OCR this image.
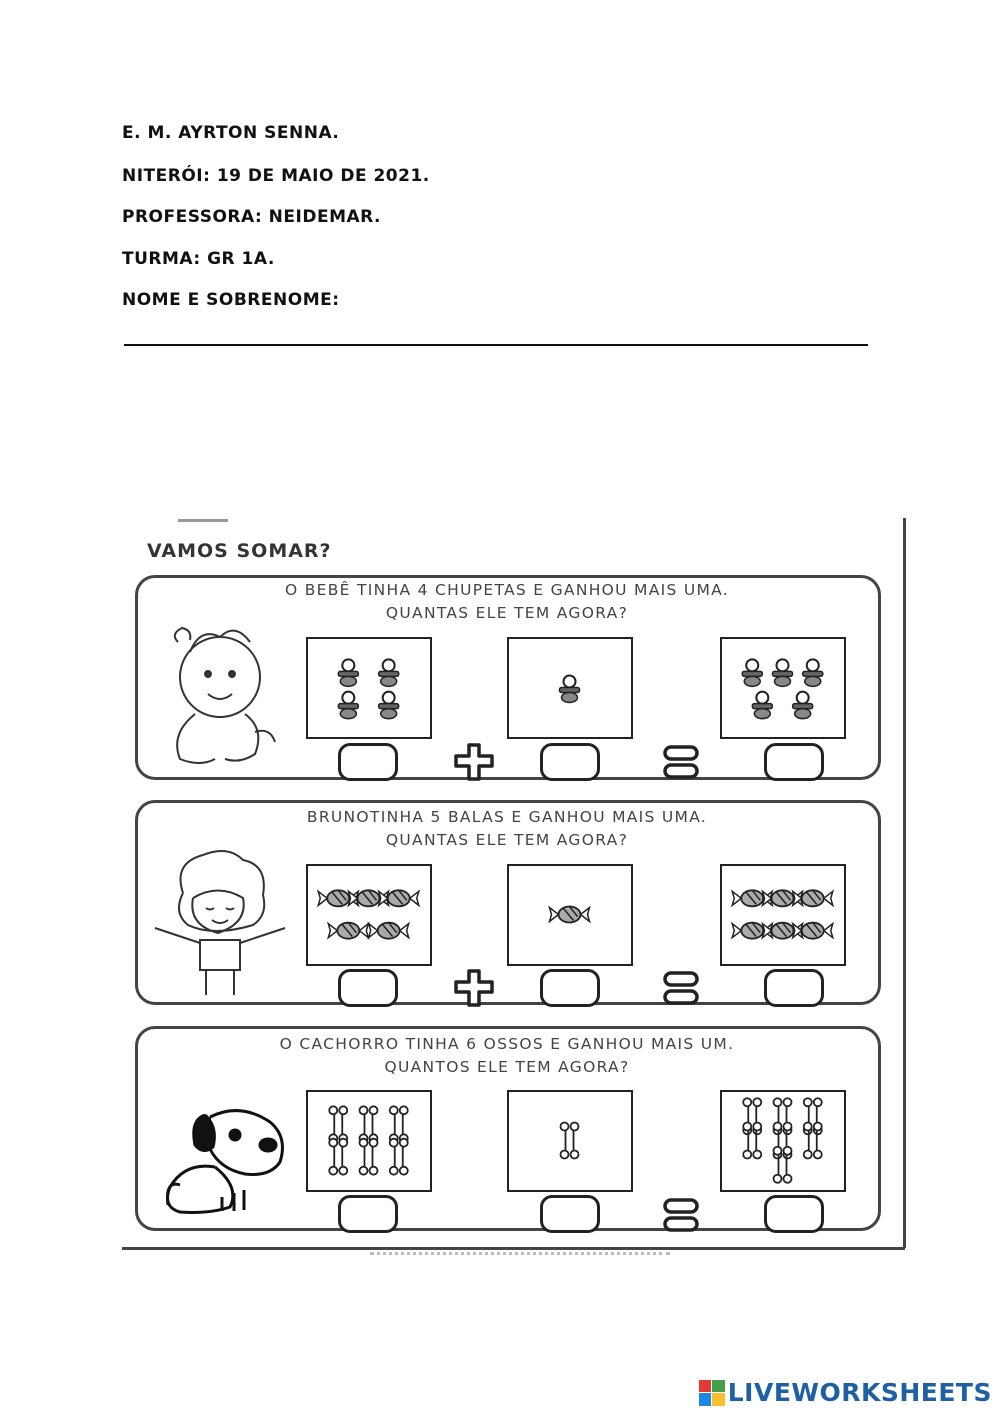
E. M. AYRTON SENNA.
NITERÓI: 19 DE MAIO DE 2021.
PROFESSORA: NEIDEMAR.
TURMA: GR 1A.
NOME E SOBRENOME:
VAMOS SOMAR?
O BEBÊ TINHA 4 CHUPETAS E GANHOU MAIS UMA.
QUANTAS ELE TEM AGORA?
BRUNOTINHA 5 BALAS E GANHOU MAIS UMA.
QUANTAS ELE TEM AGORA?
O CACHORRO TINHA 6 OSSOS E GANHOU MAIS UM.
QUANTOS ELE TEM AGORA?
LIVEWORKSHEETS
